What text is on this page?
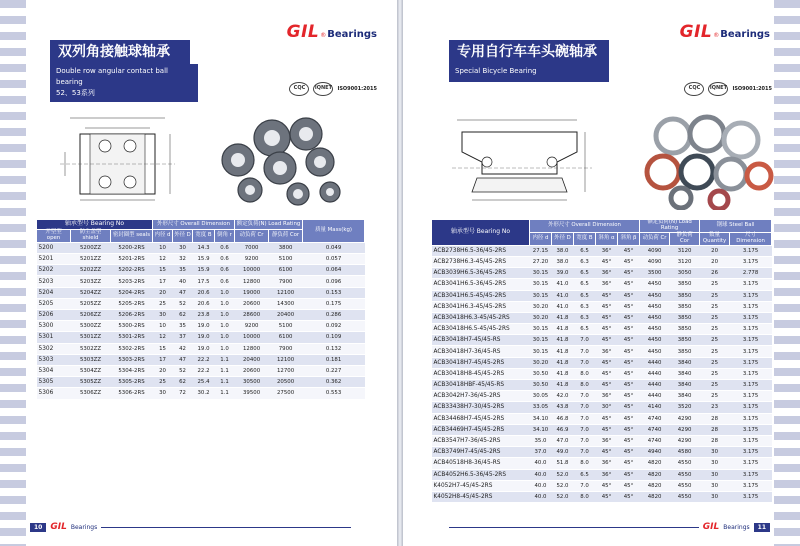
GIL ® Bearings
双列角接触球轴承
Double row angular contact ball bearing
52、53系列
CQC	IQNET ISO9001:2015
轴承型号 Bearing No			外形尺寸 Overall Dimension				额定负荷(N) Load Rating		质量 Mass(kg)
开型型 open	防尘盖型 shield	密封圈型 seals	内径 d	外径 D	宽度 B	倒角 r	动负荷 Cr	静负荷 Cor	
5200	5200ZZ	5200-2RS	10	30	14.3	0.6	7000	3800	0.049
5201	5201ZZ	5201-2RS	12	32	15.9	0.6	9200	5100	0.057
5202	5202ZZ	5202-2RS	15	35	15.9	0.6	10000	6100	0.064
5203	5203ZZ	5203-2RS	17	40	17.5	0.6	12800	7900	0.096
5204	5204ZZ	5204-2RS	20	47	20.6	1.0	19000	12100	0.153
5205	5205ZZ	5205-2RS	25	52	20.6	1.0	20600	14300	0.175
5206	5206ZZ	5206-2RS	30	62	23.8	1.0	28600	20400	0.286
5300	5300ZZ	5300-2RS	10	35	19.0	1.0	9200	5100	0.092
5301	5301ZZ	5301-2RS	12	37	19.0	1.0	10000	6100	0.109
5302	5302ZZ	5302-2RS	15	42	19.0	1.0	12800	7900	0.132
5303	5303ZZ	5303-2RS	17	47	22.2	1.1	20400	12100	0.181
5304	5304ZZ	5304-2RS	20	52	22.2	1.1	20600	12700	0.227
5305	5305ZZ	5305-2RS	25	62	25.4	1.1	30500	20500	0.362
5306	5306ZZ	5306-2RS	30	72	30.2	1.1	39500	27500	0.553
10 GIL Bearings
GIL ® Bearings
专用自行车车头碗轴承
Special Bicycle Bearing
CQC	IQNET ISO9001:2015
轴承型号 Bearing No	外形尺寸 Overall Dimension					额定负荷(N) Load Rating		钢球 Steel Ball	
	内径 d	外径 D	宽度 B	斜角 α	斜角 β	动负荷 Cr	静负荷 Cor	数量 Quantity	尺寸 Dimension
ACB2738H6.5-36/45-2RS	27.15	38.0	6.5	36°	45°	4090	3120	20	3.175
ACB2738H6.3-45/45-2RS	27.20	38.0	6.3	45°	45°	4090	3120	20	3.175
ACB3039H6.5-36/45-2RS	30.15	39.0	6.5	36°	45°	3500	3050	26	2.778
ACB3041H6.5-36/45-2RS	30.15	41.0	6.5	36°	45°	4450	3850	25	3.175
ACB3041H6.5-45/45-2RS	30.15	41.0	6.5	45°	45°	4450	3850	25	3.175
ACB3041H6.3-45/45-2RS	30.20	41.0	6.3	45°	45°	4450	3850	25	3.175
ACB30418H6.3-45/45-2RS	30.20	41.8	6.3	45°	45°	4450	3850	25	3.175
ACB30418H6.5-45/45-2RS	30.15	41.8	6.5	45°	45°	4450	3850	25	3.175
ACB30418H7-45/45-RS	30.15	41.8	7.0	45°	45°	4450	3850	25	3.175
ACB30418H7-36/45-RS	30.15	41.8	7.0	36°	45°	4450	3850	25	3.175
ACB30418H7-45/45-2RS	30.20	41.8	7.0	45°	45°	4440	3840	25	3.175
ACB30418H8-45/45-2RS	30.50	41.8	8.0	45°	45°	4440	3840	25	3.175
ACB30418HBF-45/45-RS	30.50	41.8	8.0	45°	45°	4440	3840	25	3.175
ACB3042H7-36/45-2RS	30.05	42.0	7.0	36°	45°	4440	3840	25	3.175
ACB33438H7-30/45-2RS	33.05	43.8	7.0	30°	45°	4140	3520	23	3.175
ACB34468H7-45/45-2RS	34.10	46.8	7.0	45°	45°	4740	4290	28	3.175
ACB34469H7-45/45-2RS	34.10	46.9	7.0	45°	45°	4740	4290	28	3.175
ACB3547H7-36/45-2RS	35.0	47.0	7.0	36°	45°	4740	4290	28	3.175
ACB3749H7-45/45-2RS	37.0	49.0	7.0	45°	45°	4940	4580	30	3.175
ACB40518H8-36/45-RS	40.0	51.8	8.0	36°	45°	4820	4550	30	3.175
ACB4052H6.5-36/45-2RS	40.0	52.0	6.5	36°	45°	4820	4550	30	3.175
K4052H7-45/45-2RS	40.0	52.0	7.0	45°	45°	4820	4550	30	3.175
K4052H8-45/45-2RS	40.0	52.0	8.0	45°	45°	4820	4550	30	3.175
GIL Bearings	11
